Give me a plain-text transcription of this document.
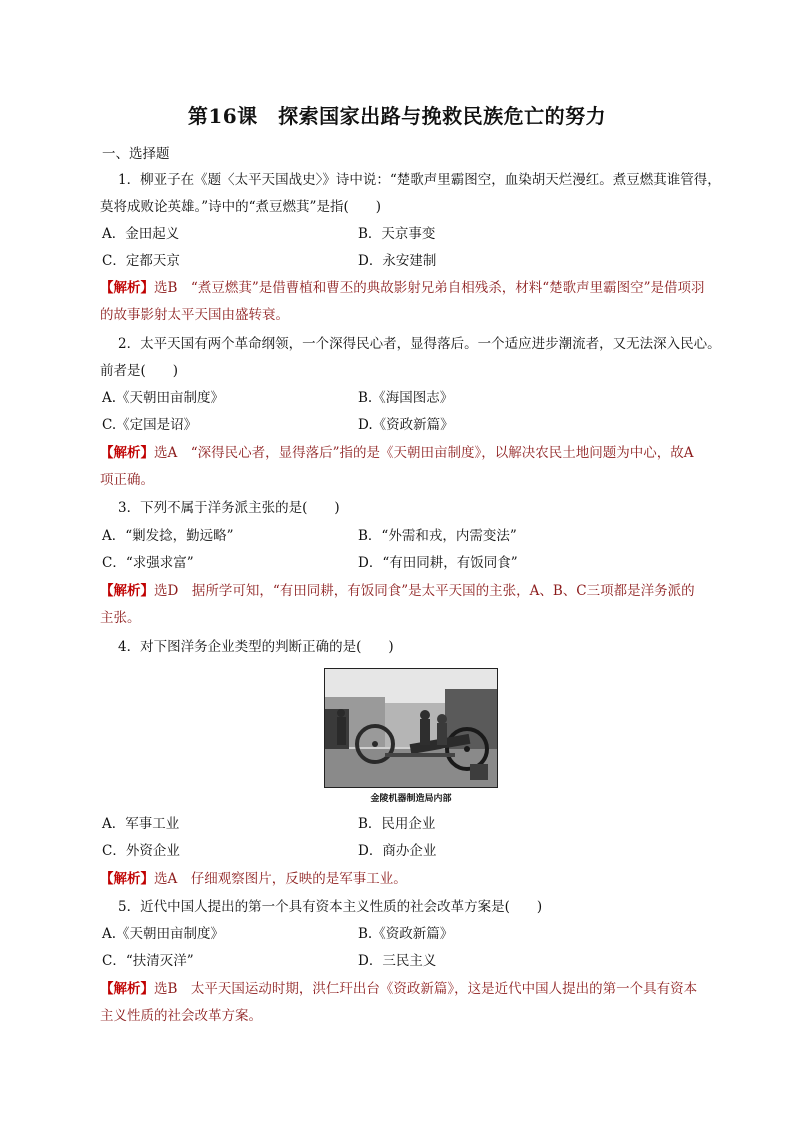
第16课　探索国家出路与挽救民族危亡的努力
一、选择题
1．柳亚子在《题〈太平天国战史〉》诗中说：“楚歌声里霸图空，血染胡天烂漫红。煮豆燃萁谁管得，
莫将成败论英雄。”诗中的“煮豆燃萁”是指(　　)
A．金田起义	B．天京事变
C．定都天京	D．永安建制
【解析】选B　“煮豆燃萁”是借曹植和曹丕的典故影射兄弟自相残杀，材料“楚歌声里霸图空”是借项羽
的故事影射太平天国由盛转衰。
2．太平天国有两个革命纲领，一个深得民心者，显得落后。一个适应进步潮流者，又无法深入民心。
前者是(　　)
A.《天朝田亩制度》	B.《海国图志》
C.《定国是诏》	D.《资政新篇》
【解析】选A　“深得民心者，显得落后”指的是《天朝田亩制度》，以解决农民土地问题为中心，故A
项正确。
3．下列不属于洋务派主张的是(　　)
A．“剿发捻，勤远略”	B．“外需和戎，内需变法”
C．“求强求富”	D．“有田同耕，有饭同食”
【解析】选D　据所学可知，“有田同耕，有饭同食”是太平天国的主张，A、B、C三项都是洋务派的
主张。
4．对下图洋务企业类型的判断正确的是(　　)
金陵机器制造局内部
A．军事工业	B．民用企业
C．外资企业	D．商办企业
【解析】选A　仔细观察图片，反映的是军事工业。
5．近代中国人提出的第一个具有资本主义性质的社会改革方案是(　　)
A.《天朝田亩制度》	B.《资政新篇》
C．“扶清灭洋”	D．三民主义
【解析】选B　太平天国运动时期，洪仁玕出台《资政新篇》，这是近代中国人提出的第一个具有资本
主义性质的社会改革方案。
